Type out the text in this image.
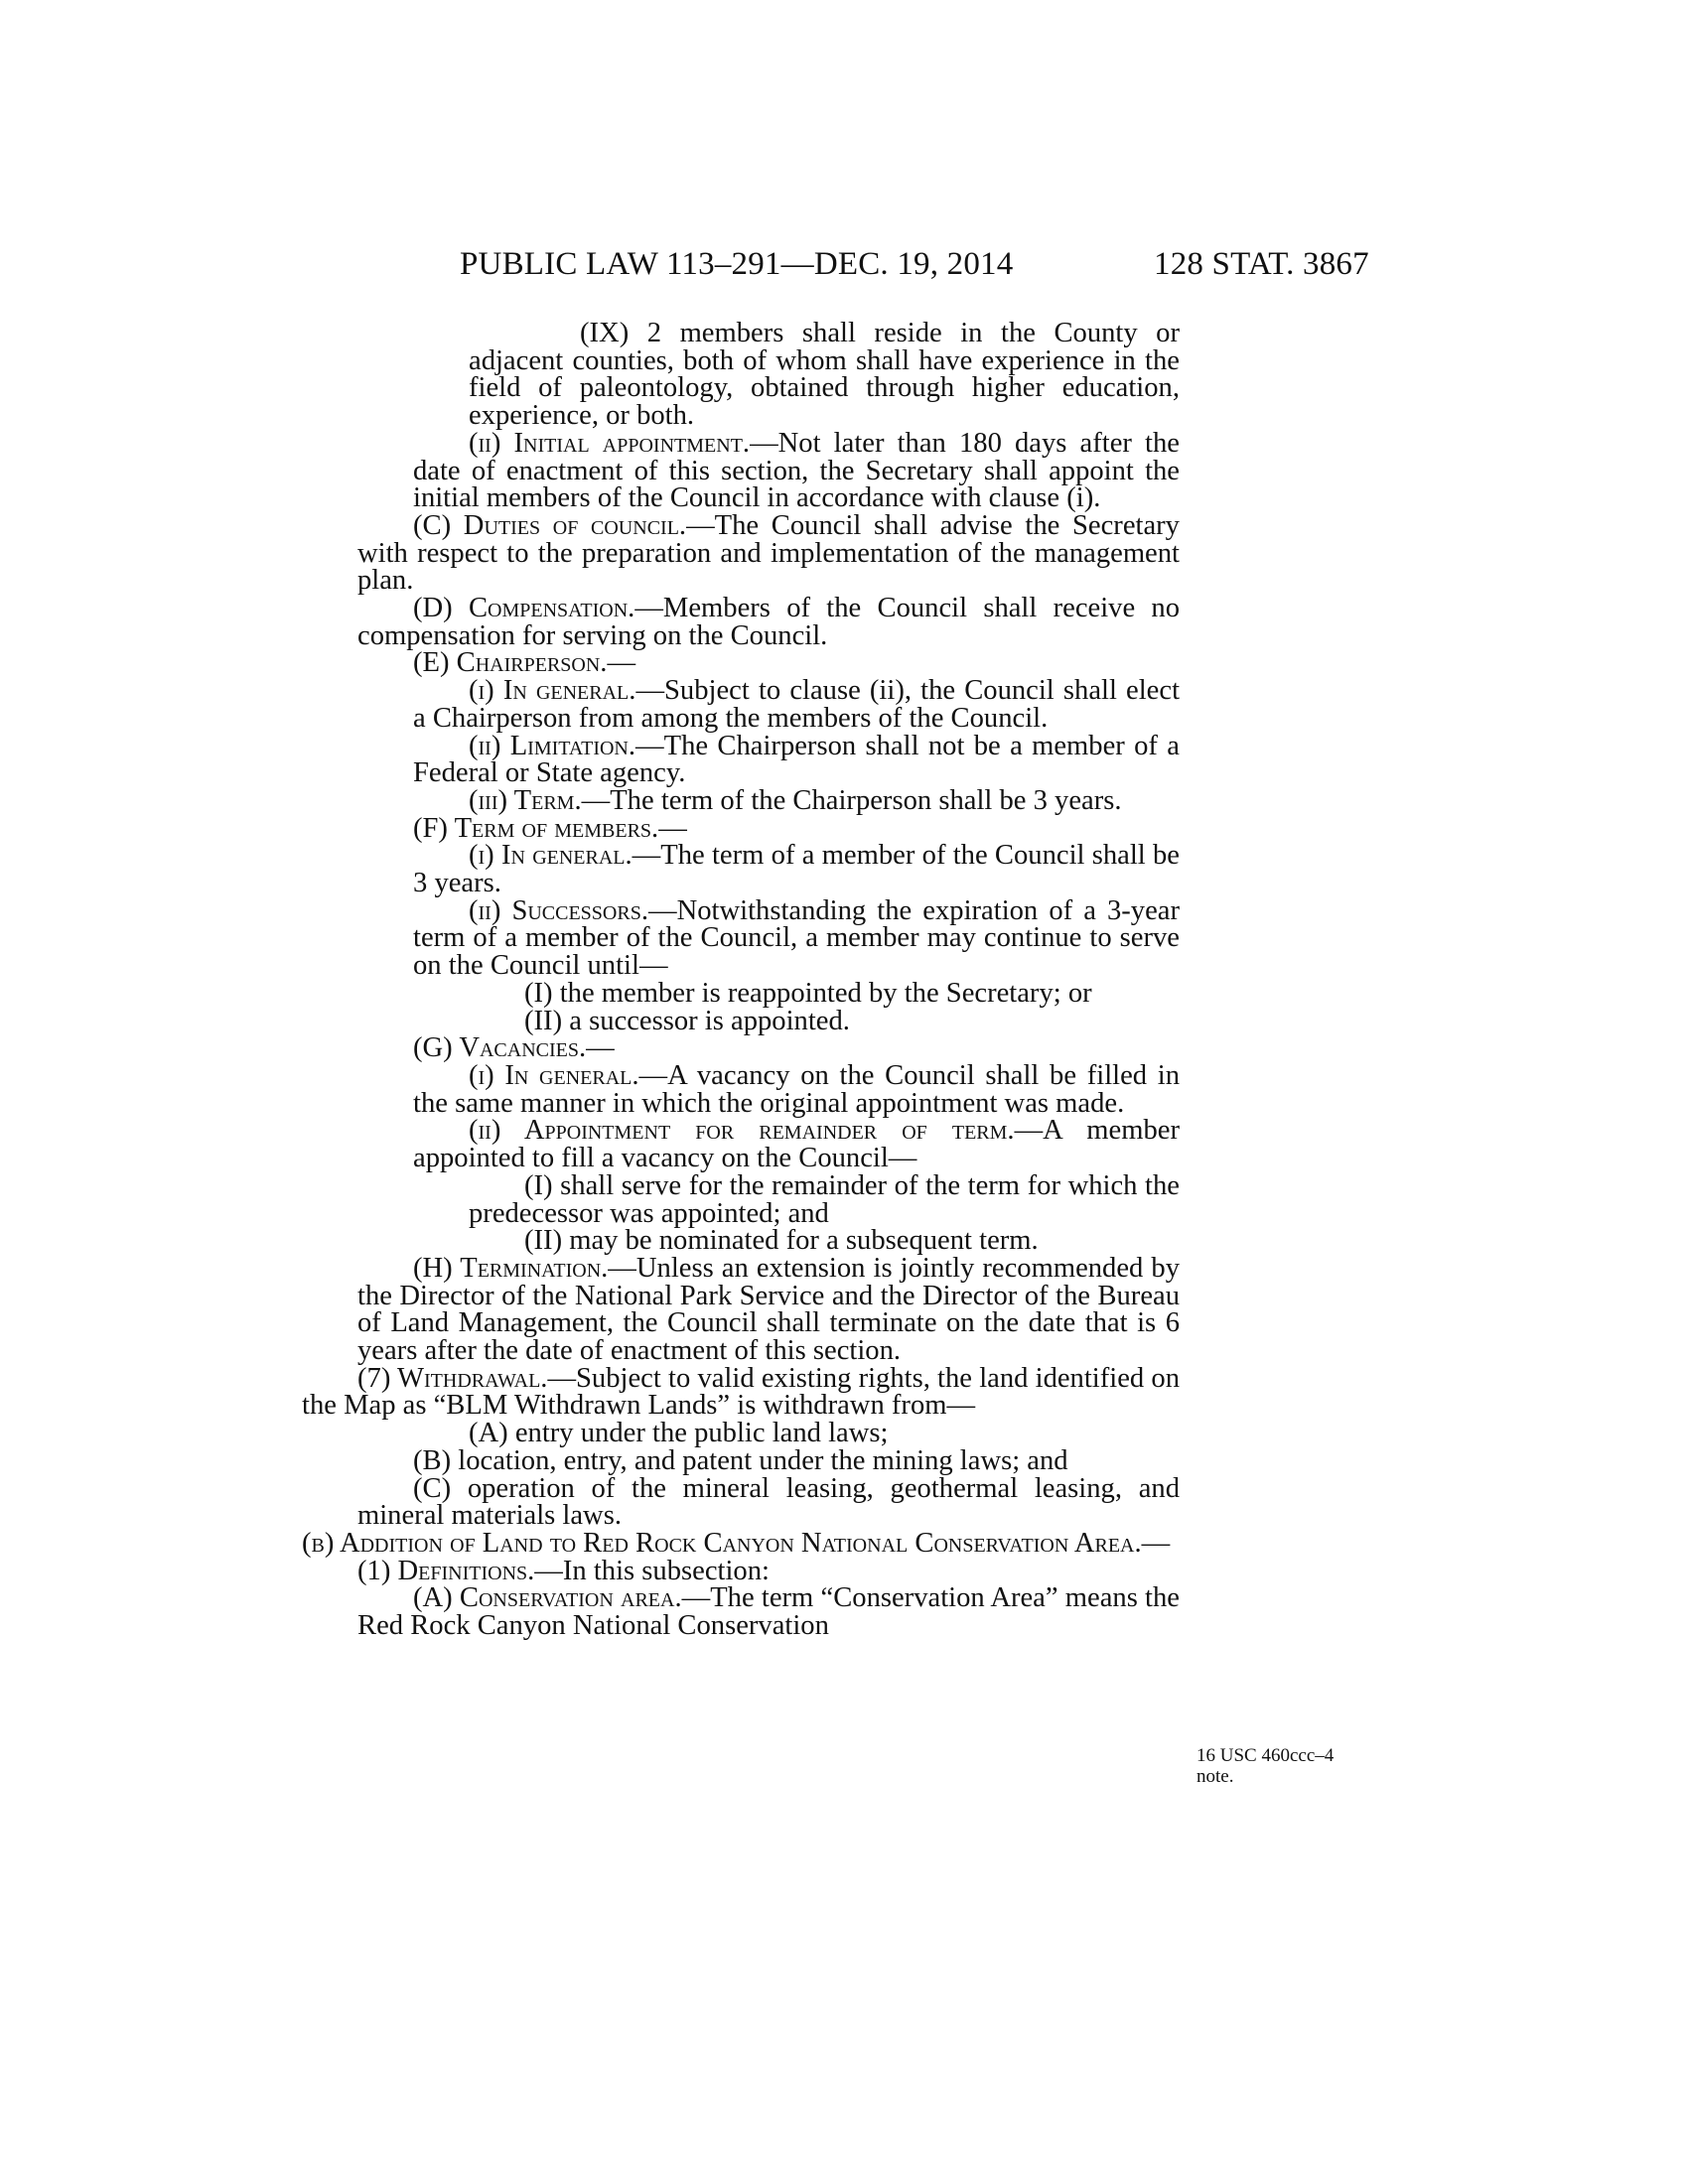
PUBLIC LAW 113–291—DEC. 19, 2014	128 STAT. 3867

(IX) 2 members shall reside in the County or adjacent counties, both of whom shall have experience in the field of paleontology, obtained through higher education, experience, or both.

(ii) Initial appointment.—Not later than 180 days after the date of enactment of this section, the Secretary shall appoint the initial members of the Council in accordance with clause (i).

(C) Duties of council.—The Council shall advise the Secretary with respect to the preparation and implementation of the management plan.

(D) Compensation.—Members of the Council shall receive no compensation for serving on the Council.

(E) Chairperson.—

(i) In general.—Subject to clause (ii), the Council shall elect a Chairperson from among the members of the Council.

(ii) Limitation.—The Chairperson shall not be a member of a Federal or State agency.

(iii) Term.—The term of the Chairperson shall be 3 years.

(F) Term of members.—

(i) In general.—The term of a member of the Council shall be 3 years.

(ii) Successors.—Notwithstanding the expiration of a 3-year term of a member of the Council, a member may continue to serve on the Council until—

(I) the member is reappointed by the Secretary; or

(II) a successor is appointed.

(G) Vacancies.—

(i) In general.—A vacancy on the Council shall be filled in the same manner in which the original appointment was made.

(ii) Appointment for remainder of term.—A member appointed to fill a vacancy on the Council—

(I) shall serve for the remainder of the term for which the predecessor was appointed; and

(II) may be nominated for a subsequent term.

(H) Termination.—Unless an extension is jointly recommended by the Director of the National Park Service and the Director of the Bureau of Land Management, the Council shall terminate on the date that is 6 years after the date of enactment of this section.

(7) Withdrawal.—Subject to valid existing rights, the land identified on the Map as “BLM Withdrawn Lands” is withdrawn from—

(A) entry under the public land laws;

(B) location, entry, and patent under the mining laws; and

(C) operation of the mineral leasing, geothermal leasing, and mineral materials laws.

(b) Addition of Land to Red Rock Canyon National Conservation Area.—

(1) Definitions.—In this subsection:

(A) Conservation area.—The term “Conservation Area” means the Red Rock Canyon National Conservation

16 USC 460ccc–4
note.
